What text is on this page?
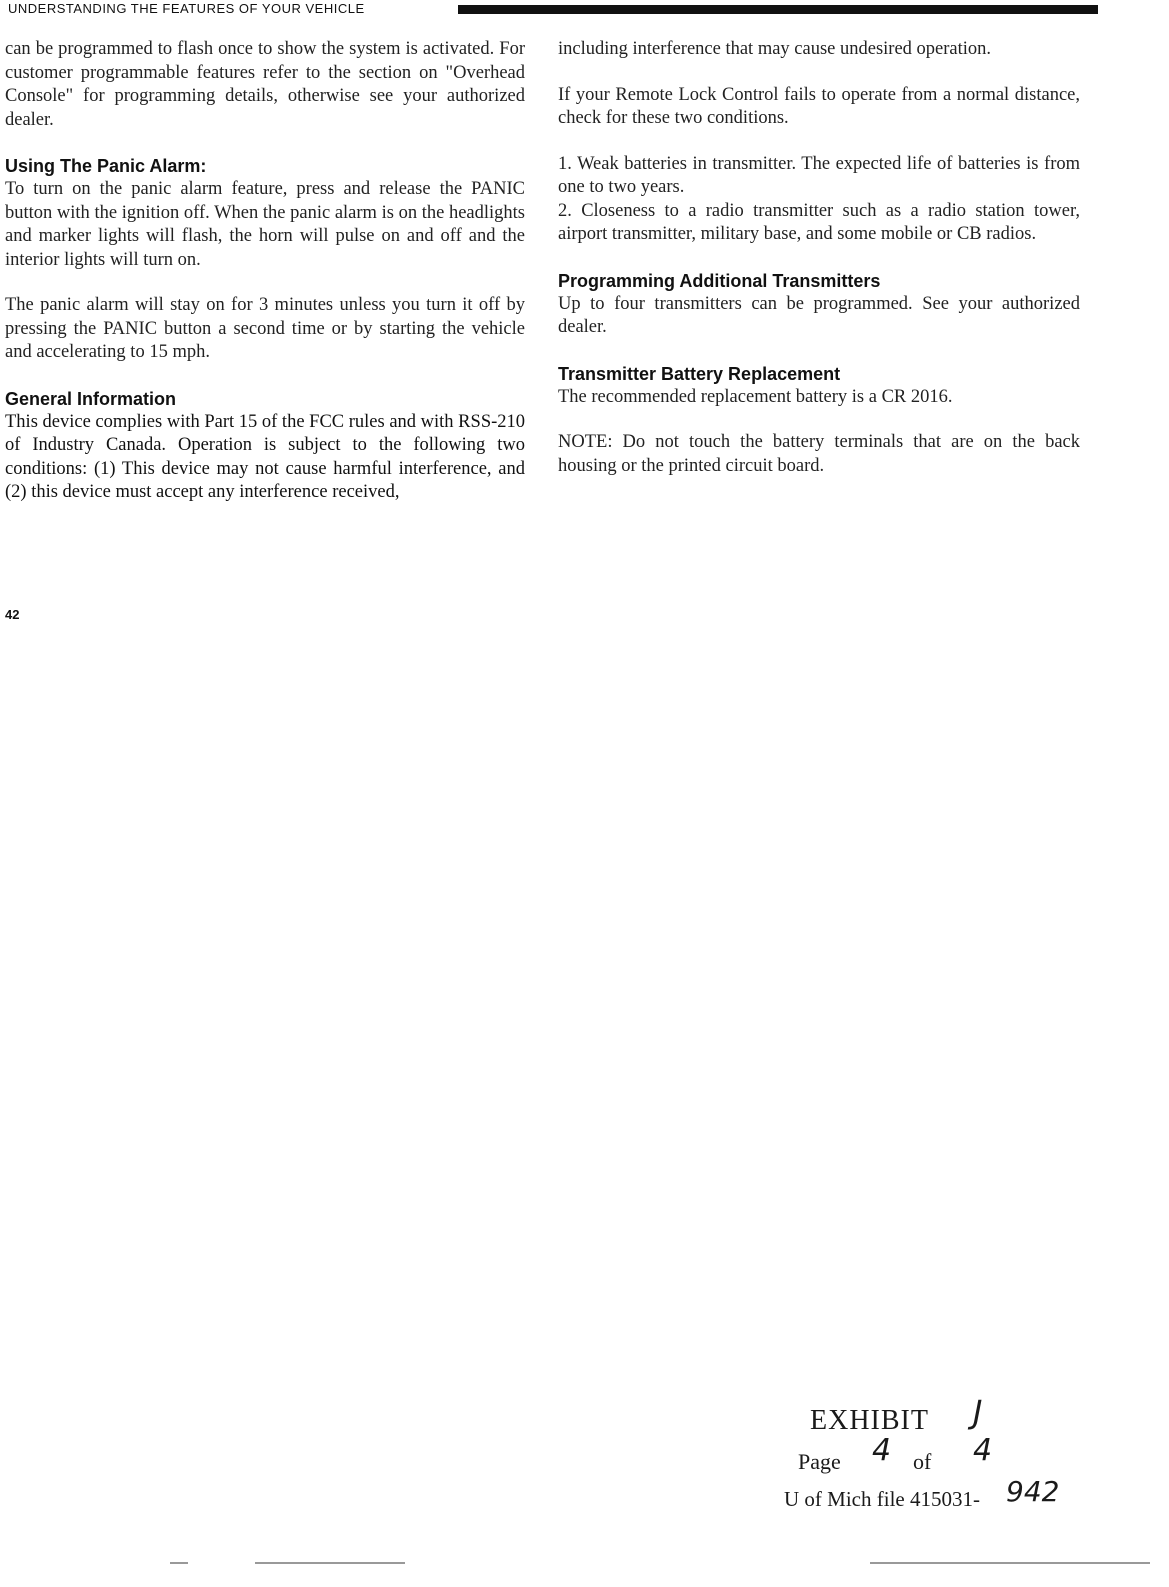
UNDERSTANDING THE FEATURES OF YOUR VEHICLE

can be programmed to flash once to show the system is activated. For customer programmable features refer to the section on "Overhead Console" for programming details, otherwise see your authorized dealer.

Using The Panic Alarm:

To turn on the panic alarm feature, press and release the PANIC button with the ignition off. When the panic alarm is on the headlights and marker lights will flash, the horn will pulse on and off and the interior lights will turn on.

The panic alarm will stay on for 3 minutes unless you turn it off by pressing the PANIC button a second time or by starting the vehicle and accelerating to 15 mph.

General Information

This device complies with Part 15 of the FCC rules and with RSS-210 of Industry Canada. Operation is subject to the following two conditions: (1) This device may not cause harmful interference, and (2) this device must accept any interference received,

including interference that may cause undesired operation.

If your Remote Lock Control fails to operate from a normal distance, check for these two conditions.

1. Weak batteries in transmitter. The expected life of batteries is from one to two years.
2. Closeness to a radio transmitter such as a radio station tower, airport transmitter, military base, and some mobile or CB radios.
Programming Additional Transmitters

Up to four transmitters can be programmed. See your authorized dealer.

Transmitter Battery Replacement

The recommended replacement battery is a CR 2016.

NOTE: Do not touch the battery terminals that are on the back housing or the printed circuit board.

42
EXHIBIT J
Page 4 of 4
U of Mich file 415031- 942
